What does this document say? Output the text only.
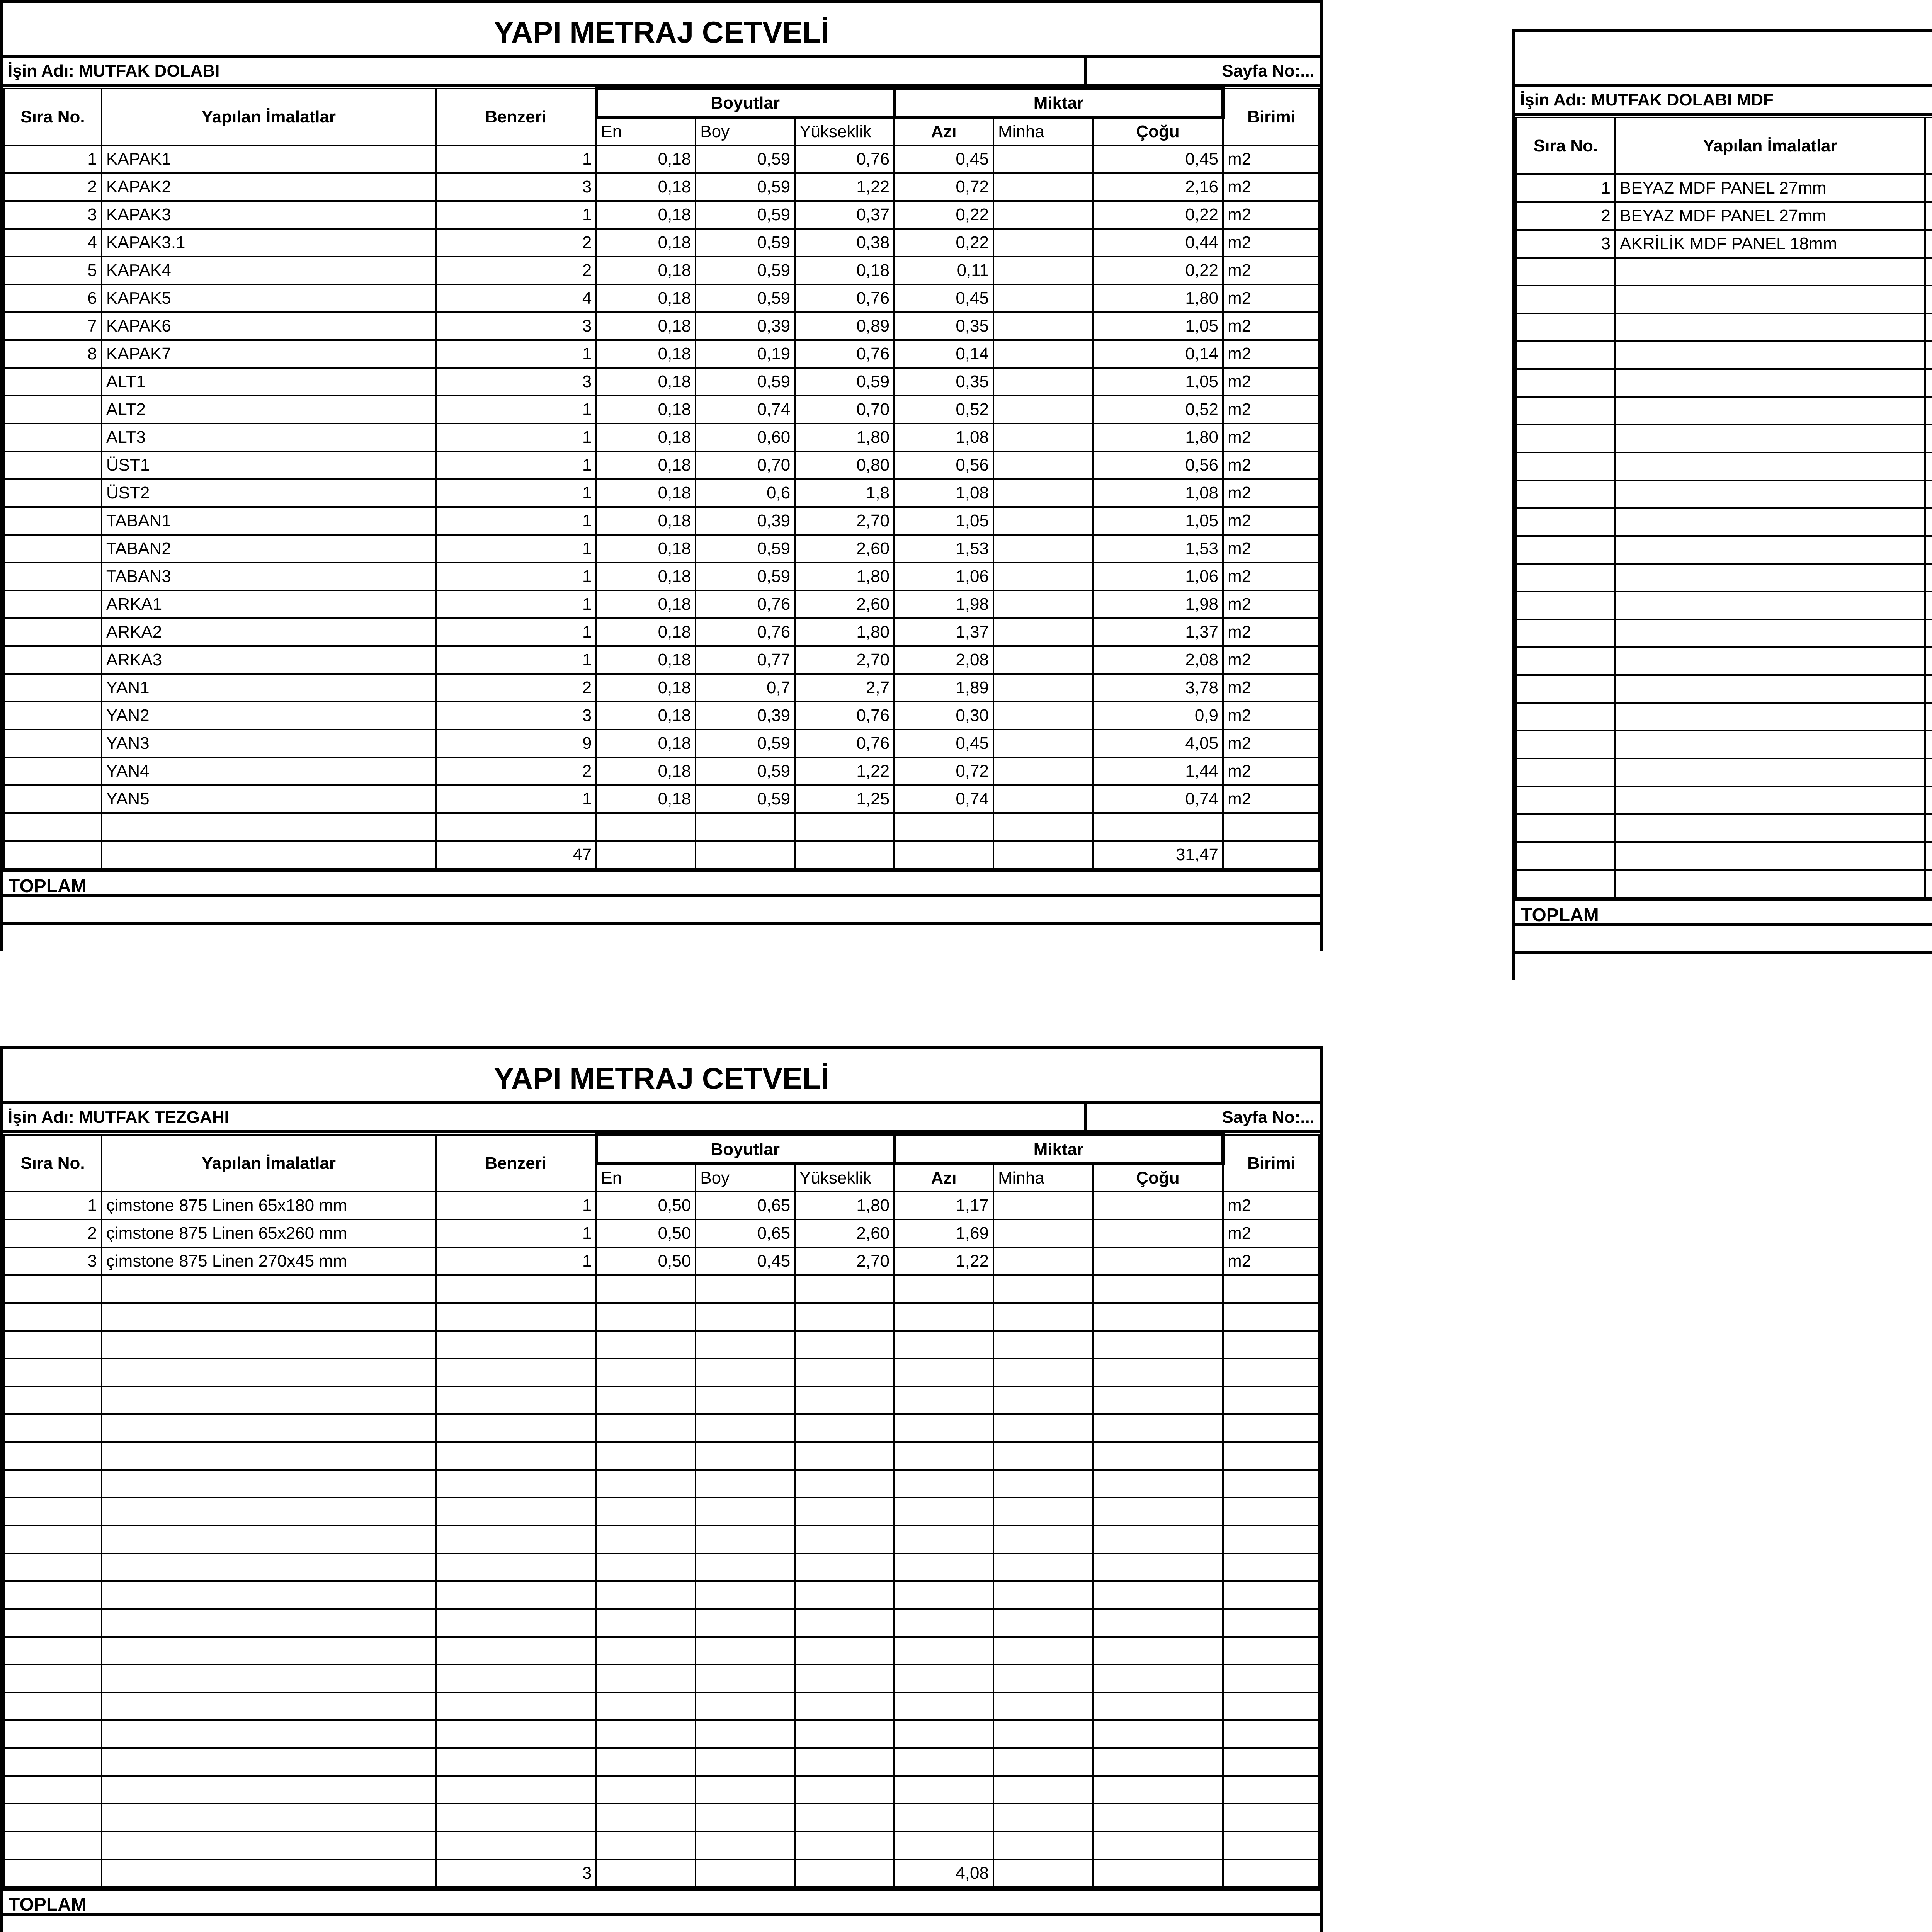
YAPI METRAJ CETVELİ
İşin Adı: MUTFAK DOLABI	Sayfa No:...
Sıra No.	Yapılan İmalatlar	Benzeri	Boyutlar			Miktar			Birimi
			En	Boy	Yükseklik	Azı	Minha	Çoğu	
1	KAPAK1	1	0,18	0,59	0,76	0,45		0,45	m2
2	KAPAK2	3	0,18	0,59	1,22	0,72		2,16	m2
3	KAPAK3	1	0,18	0,59	0,37	0,22		0,22	m2
4	KAPAK3.1	2	0,18	0,59	0,38	0,22		0,44	m2
5	KAPAK4	2	0,18	0,59	0,18	0,11		0,22	m2
6	KAPAK5	4	0,18	0,59	0,76	0,45		1,80	m2
7	KAPAK6	3	0,18	0,39	0,89	0,35		1,05	m2
8	KAPAK7	1	0,18	0,19	0,76	0,14		0,14	m2
	ALT1	3	0,18	0,59	0,59	0,35		1,05	m2
	ALT2	1	0,18	0,74	0,70	0,52		0,52	m2
	ALT3	1	0,18	0,60	1,80	1,08		1,80	m2
	ÜST1	1	0,18	0,70	0,80	0,56		0,56	m2
	ÜST2	1	0,18	0,6	1,8	1,08		1,08	m2
	TABAN1	1	0,18	0,39	2,70	1,05		1,05	m2
	TABAN2	1	0,18	0,59	2,60	1,53		1,53	m2
	TABAN3	1	0,18	0,59	1,80	1,06		1,06	m2
	ARKA1	1	0,18	0,76	2,60	1,98		1,98	m2
	ARKA2	1	0,18	0,76	1,80	1,37		1,37	m2
	ARKA3	1	0,18	0,77	2,70	2,08		2,08	m2
	YAN1	2	0,18	0,7	2,7	1,89		3,78	m2
	YAN2	3	0,18	0,39	0,76	0,30		0,9	m2
	YAN3	9	0,18	0,59	0,76	0,45		4,05	m2
	YAN4	2	0,18	0,59	1,22	0,72		1,44	m2
	YAN5	1	0,18	0,59	1,25	0,74		0,74	m2

		47						31,47	
TOPLAM
İşin Adı: MUTFAK DOLABI MDF
Sıra No.	Yapılan İmalatlar				

1	BEYAZ MDF PANEL 27mm								
2	BEYAZ MDF PANEL 27mm								
3	AKRİLİK MDF PANEL 18mm								

TOPLAM
YAPI METRAJ CETVELİ
İşin Adı: MUTFAK TEZGAHI	Sayfa No:...
Sıra No.	Yapılan İmalatlar	Benzeri	Boyutlar			Miktar			Birimi
			En	Boy	Yükseklik	Azı	Minha	Çoğu	
1	çimstone 875 Linen 65x180 mm	1	0,50	0,65	1,80	1,17			m2
2	çimstone 875 Linen 65x260 mm	1	0,50	0,65	2,60	1,69			m2
3	çimstone 875 Linen 270x45 mm	1	0,50	0,45	2,70	1,22			m2

		3				4,08			
TOPLAM
